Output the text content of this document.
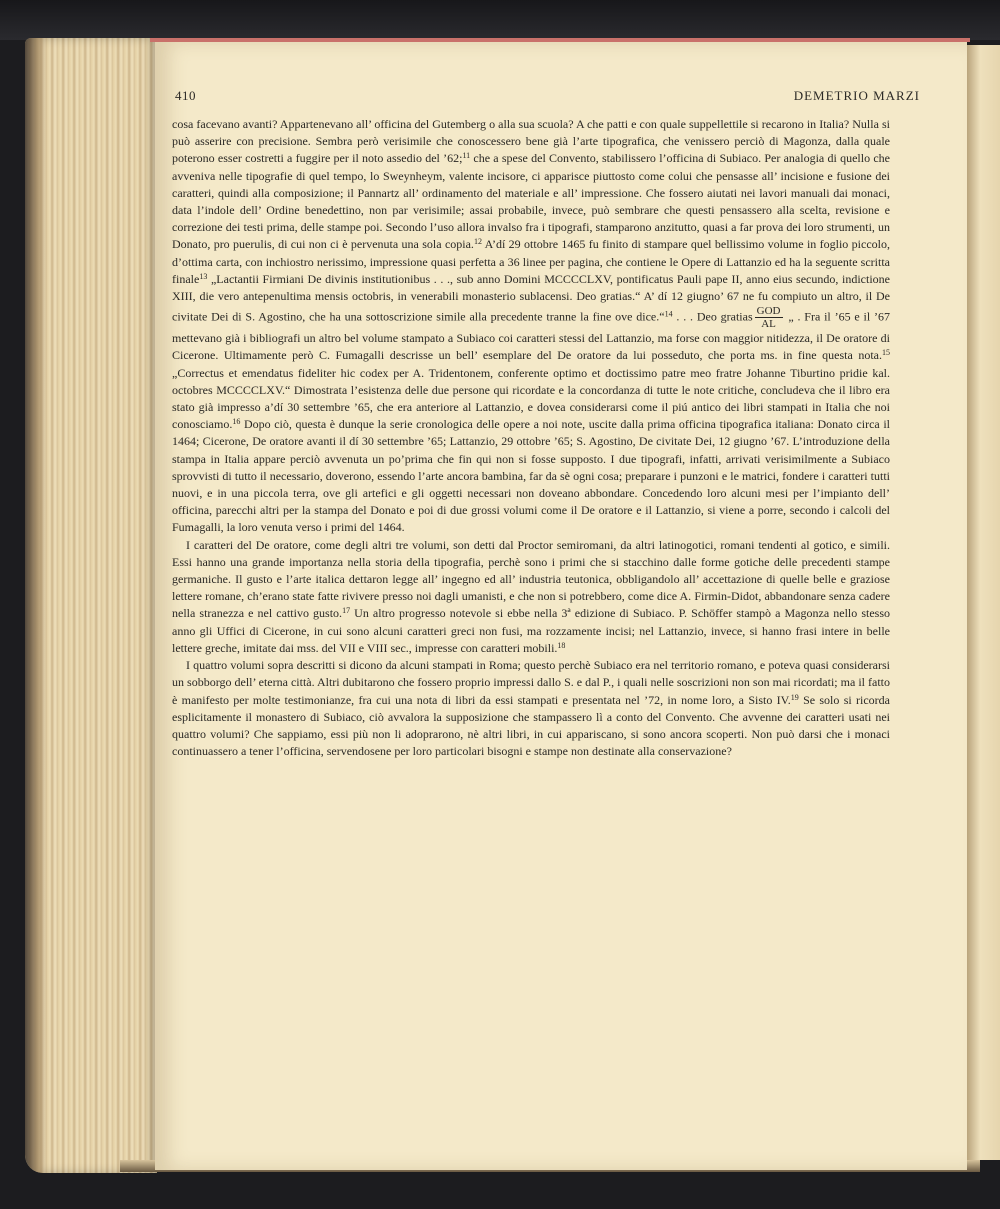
410	DEMETRIO MARZI

cosa facevano avanti? Appartenevano all’ officina del Gutemberg o alla sua scuola? A che patti e con quale suppellettile si recarono in Italia? Nulla si può asserire con precisione. Sembra però verisimile che conoscessero bene già l’arte tipografica, che venissero perciò di Magonza, dalla quale poterono esser costretti a fuggire per il noto assedio del ’62;$^{11}$ che a spese del Convento, stabilissero l’officina di Subiaco. Per analogia di quello che avveniva nelle tipografie di quel tempo, lo Sweynheym, valente incisore, ci apparisce piuttosto come colui che pensasse all’ incisione e fusione dei caratteri, quindi alla composizione; il Pannartz all’ ordinamento del materiale e all’ impressione. Che fossero aiutati nei lavori manuali dai monaci, data l’indole dell’ Ordine benedettino, non par verisimile; assai probabile, invece, può sembrare che questi pensassero alla scelta, revisione e correzione dei testi prima, delle stampe poi. Secondo l’uso allora invalso fra i tipografi, stamparono anzitutto, quasi a far prova dei loro strumenti, un Donato, pro puerulis, di cui non ci è pervenuta una sola copia.$^{12}$ A’dí 29 ottobre 1465 fu finito di stampare quel bellissimo volume in foglio piccolo, d’ottima carta, con inchiostro nerissimo, impressione quasi perfetta a 36 linee per pagina, che contiene le Opere di Lattanzio ed ha la seguente scritta finale$^{13}$ „Lactantii Firmiani De divinis institutionibus . . ., sub anno Domini MCCCCLXV, pontificatus Pauli pape II, anno eius secundo, indictione XIII, die vero antepenultima mensis octobris, in venerabili monasterio sublacensi. Deo gratias.“ A’ dí 12 giugno’ 67 ne fu compiuto un altro, il De civitate Dei di S. Agostino, che ha una sottoscrizione simile alla precedente tranne la fine ove dice.“$^{14}$ . . . Deo gratias $\frac{\text{GOD}}{AL}$ „ . Fra il ’65 e il ’67 mettevano già i bibliografi un altro bel volume stampato a Subiaco coi caratteri stessi del Lattanzio, ma forse con maggior nitidezza, il De oratore di Cicerone. Ultimamente però C. Fumagalli descrisse un bell’ esemplare del De oratore da lui posseduto, che porta ms. in fine questa nota.$^{15}$ „Correctus et emendatus fideliter hic codex per A. Tridentonem, conferente optimo et doctissimo patre meo fratre Johanne Tiburtino pridie kal. octobres MCCCCLXV.“ Dimostrata l’esistenza delle due persone qui ricordate e la concordanza di tutte le note critiche, concludeva che il libro era stato già impresso a’dí 30 settembre ’65, che era anteriore al Lattanzio, e dovea considerarsi come il piú antico dei libri stampati in Italia che noi conosciamo.$^{16}$ Dopo ciò, questa è dunque la serie cronologica delle opere a noi note, uscite dalla prima officina tipografica italiana: Donato circa il 1464; Cicerone, De oratore avanti il dí 30 settembre ’65; Lattanzio, 29 ottobre ’65; S. Agostino, De civitate Dei, 12 giugno ’67. L’introduzione della stampa in Italia appare perciò avvenuta un po’prima che fin qui non si fosse supposto. I due tipografi, infatti, arrivati verisimilmente a Subiaco sprovvisti di tutto il necessario, doverono, essendo l’arte ancora bambina, far da sè ogni cosa; preparare i punzoni e le matrici, fondere i caratteri tutti nuovi, e in una piccola terra, ove gli artefici e gli oggetti necessari non doveano abbondare. Concedendo loro alcuni mesi per l’impianto dell’ officina, parecchi altri per la stampa del Donato e poi di due grossi volumi come il De oratore e il Lattanzio, si viene a porre, secondo i calcoli del Fumagalli, la loro venuta verso i primi del 1464.

I caratteri del De oratore, come degli altri tre volumi, son detti dal Proctor semiromani, da altri latinogotici, romani tendenti al gotico, e simili. Essi hanno una grande importanza nella storia della tipografia, perchè sono i primi che si stacchino dalle forme gotiche delle precedenti stampe germaniche. Il gusto e l’arte italica dettaron legge all’ ingegno ed all’ industria teutonica, obbligandolo all’ accettazione di quelle belle e graziose lettere romane, ch’erano state fatte rivivere presso noi dagli umanisti, e che non si potrebbero, come dice A. Firmin-Didot, abbandonare senza cadere nella stranezza e nel cattivo gusto.$^{17}$ Un altro progresso notevole si ebbe nella 3ª edizione di Subiaco. P. Schöffer stampò a Magonza nello stesso anno gli Uffici di Cicerone, in cui sono alcuni caratteri greci non fusi, ma rozzamente incisi; nel Lattanzio, invece, si hanno frasi intere in belle lettere greche, imitate dai mss. del VII e VIII sec., impresse con caratteri mobili.$^{18}$

I quattro volumi sopra descritti si dicono da alcuni stampati in Roma; questo perchè Subiaco era nel territorio romano, e poteva quasi considerarsi un sobborgo dell’ eterna città. Altri dubitarono che fossero proprio impressi dallo S. e dal P., i quali nelle soscrizioni non son mai ricordati; ma il fatto è manifesto per molte testimonianze, fra cui una nota di libri da essi stampati e presentata nel ’72, in nome loro, a Sisto IV.$^{19}$ Se solo si ricorda esplicitamente il monastero di Subiaco, ciò avvalora la supposizione che stampassero lì a conto del Convento. Che avvenne dei caratteri usati nei quattro volumi? Che sappiamo, essi più non li adoprarono, nè altri libri, in cui appariscano, si sono ancora scoperti. Non può darsi che i monaci continuassero a tener l’officina, servendosene per loro particolari bisogni e stampe non destinate alla conservazione?
